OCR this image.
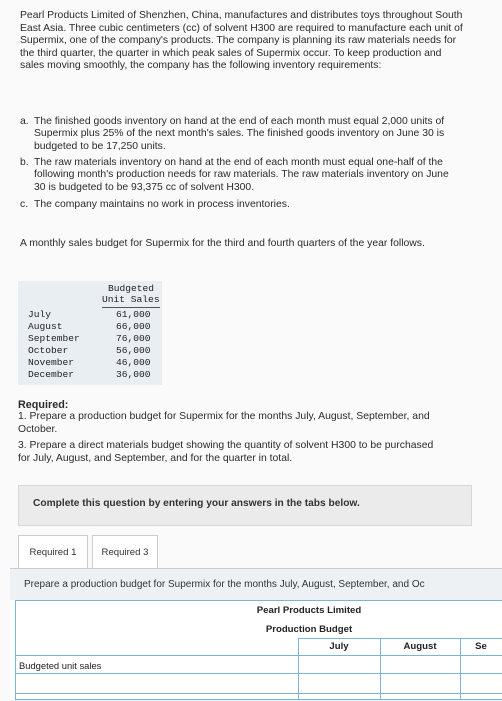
Pearl Products Limited of Shenzhen, China, manufactures and distributes toys throughout South East Asia. Three cubic centimeters (cc) of solvent H300 are required to manufacture each unit of Supermix, one of the company's products. The company is planning its raw materials needs for the third quarter, the quarter in which peak sales of Supermix occur. To keep production and sales moving smoothly, the company has the following inventory requirements:
a. The finished goods inventory on hand at the end of each month must equal 2,000 units of Supermix plus 25% of the next month's sales. The finished goods inventory on June 30 is budgeted to be 17,250 units.
b. The raw materials inventory on hand at the end of each month must equal one-half of the following month's production needs for raw materials. The raw materials inventory on June 30 is budgeted to be 93,375 cc of solvent H300.
c. The company maintains no work in process inventories.
A monthly sales budget for Supermix for the third and fourth quarters of the year follows.
Budgeted
Unit Sales
July	61,000
August	66,000
September	76,000
October	56,000
November	46,000
December	36,000
Required:
1. Prepare a production budget for Supermix for the months July, August, September, and October.
3. Prepare a direct materials budget showing the quantity of solvent H300 to be purchased for July, August, and September, and for the quarter in total.
Complete this question by entering your answers in the tabs below.
Required 1	Required 3
Prepare a production budget for Supermix for the months July, August, September, and Oc
Pearl Products Limited
Production Budget
July	August	Se
Budgeted unit sales
